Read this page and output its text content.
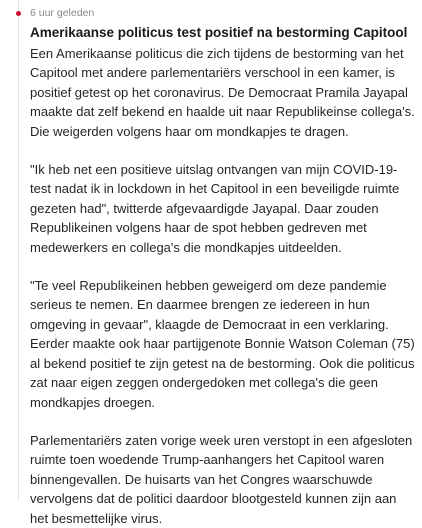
6 uur geleden
Amerikaanse politicus test positief na bestorming Capitool

Een Amerikaanse politicus die zich tijdens de bestorming van het Capitool met andere parlementariërs verschool in een kamer, is positief getest op het coronavirus. De Democraat Pramila Jayapal maakte dat zelf bekend en haalde uit naar Republikeinse collega's. Die weigerden volgens haar om mondkapjes te dragen.

"Ik heb net een positieve uitslag ontvangen van mijn COVID-19-test nadat ik in lockdown in het Capitool in een beveiligde ruimte gezeten had", twitterde afgevaardigde Jayapal. Daar zouden Republikeinen volgens haar de spot hebben gedreven met medewerkers en collega's die mondkapjes uitdeelden.

"Te veel Republikeinen hebben geweigerd om deze pandemie serieus te nemen. En daarmee brengen ze iedereen in hun omgeving in gevaar", klaagde de Democraat in een verklaring. Eerder maakte ook haar partijgenote Bonnie Watson Coleman (75) al bekend positief te zijn getest na de bestorming. Ook die politicus zat naar eigen zeggen ondergedoken met collega's die geen mondkapjes droegen.

Parlementariërs zaten vorige week uren verstopt in een afgesloten ruimte toen woedende Trump-aanhangers het Capitool waren binnengevallen. De huisarts van het Congres waarschuwde vervolgens dat de politici daardoor blootgesteld kunnen zijn aan het besmettelijke virus.
